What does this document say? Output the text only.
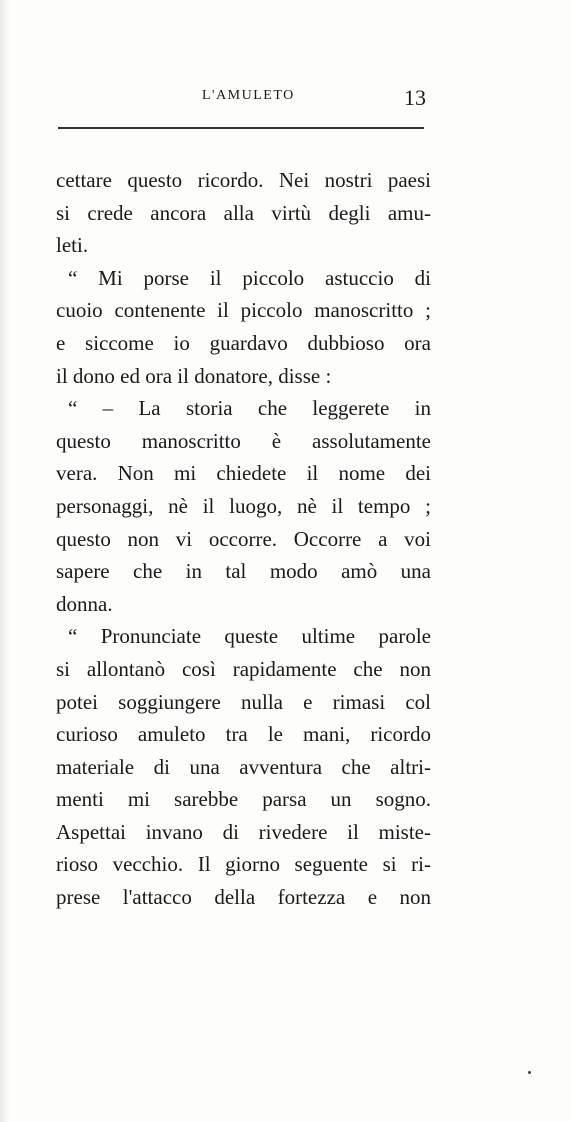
L'AMULETO	13
cettare questo ricordo. Nei nostri paesi
si crede ancora alla virtù degli amu-
leti.
“ Mi porse il piccolo astuccio di
cuoio contenente il piccolo manoscritto ;
e siccome io guardavo dubbioso ora
il dono ed ora il donatore, disse :
“ – La storia che leggerete in
questo manoscritto è assolutamente
vera. Non mi chiedete il nome dei
personaggi, nè il luogo, nè il tempo ;
questo non vi occorre. Occorre a voi
sapere che in tal modo amò una
donna.
“ Pronunciate queste ultime parole
si allontanò così rapidamente che non
potei soggiungere nulla e rimasi col
curioso amuleto tra le mani, ricordo
materiale di una avventura che altri-
menti mi sarebbe parsa un sogno.
Aspettai invano di rivedere il miste-
rioso vecchio. Il giorno seguente si ri-
prese l'attacco della fortezza e non
